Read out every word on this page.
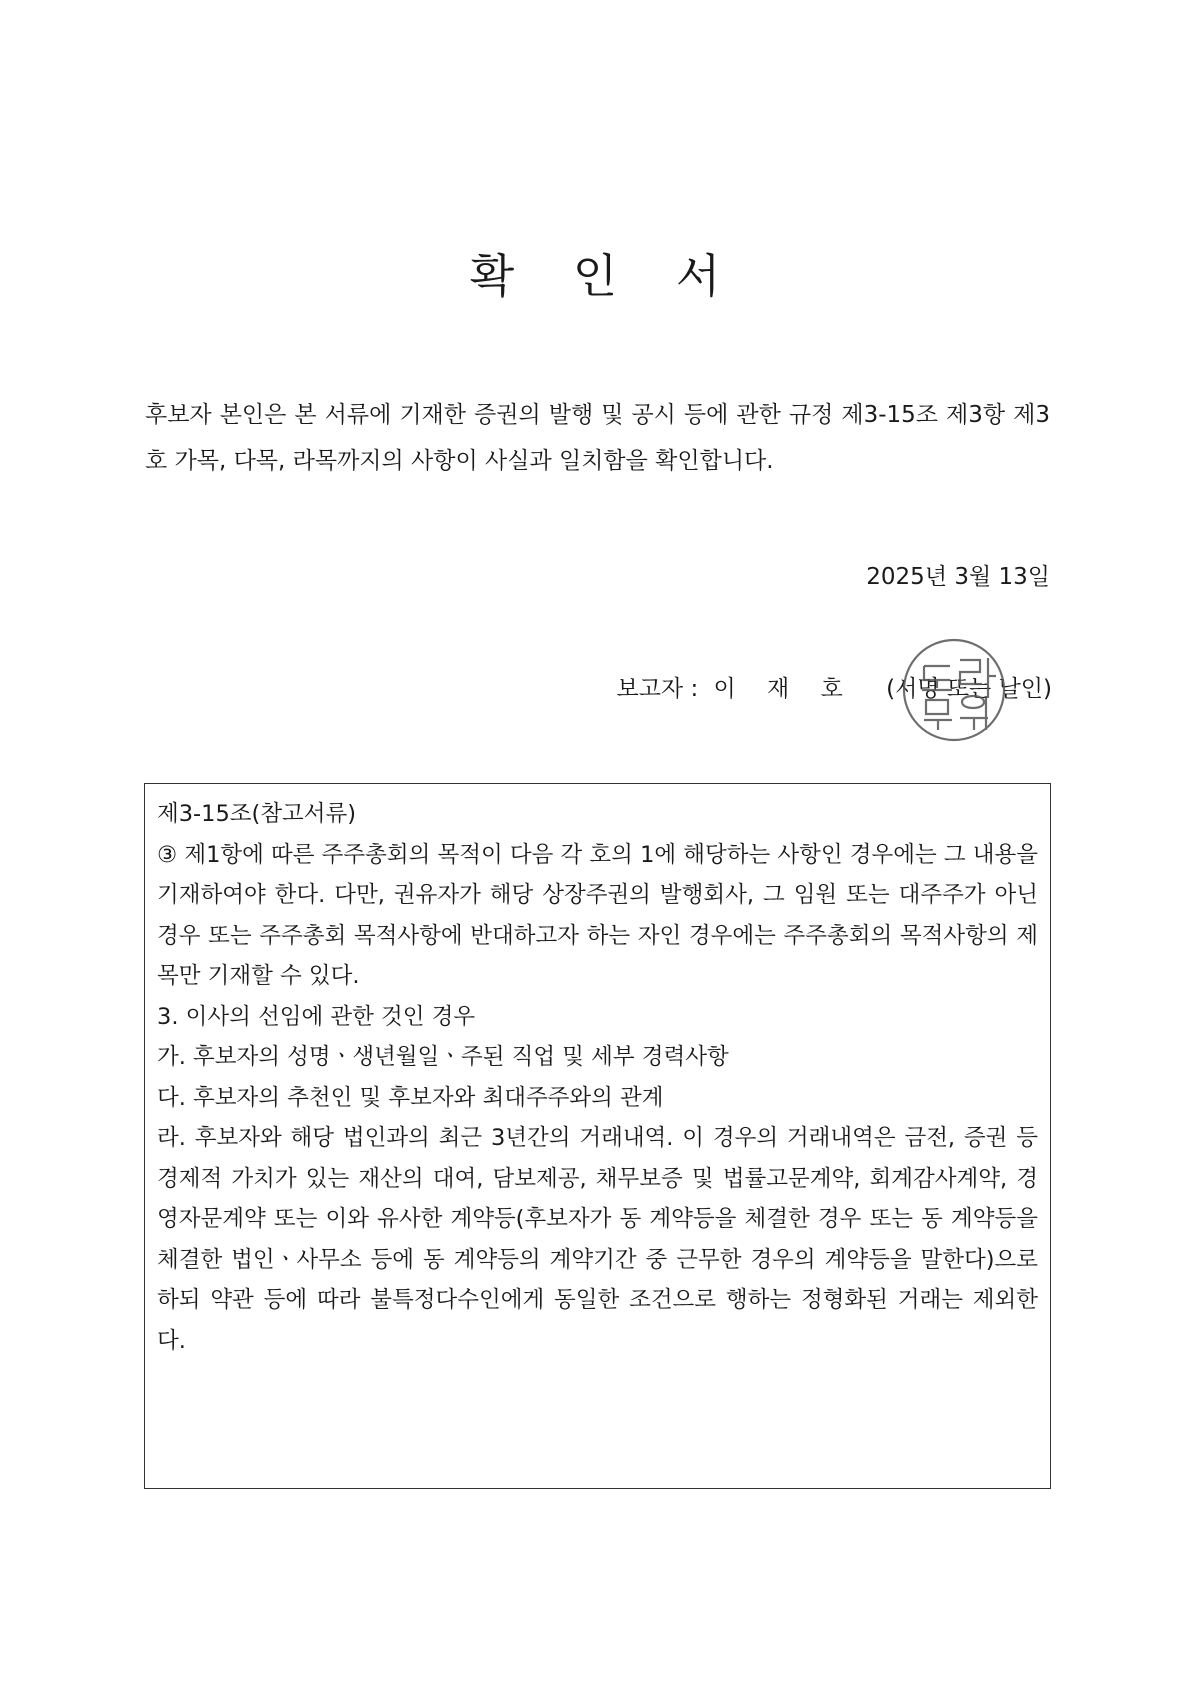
확 인 서
후보자 본인은 본 서류에 기재한 증권의 발행 및 공시 등에 관한 규정 제3-15조 제3항 제3호 가목, 다목, 라목까지의 사항이 사실과 일치함을 확인합니다.
2025년 3월 13일
보고자 : 이 재 호 (서명 또는 날인)

제3-15조(참고서류)

③ 제1항에 따른 주주총회의 목적이 다음 각 호의 1에 해당하는 사항인 경우에는 그 내용을 기재하여야 한다. 다만, 권유자가 해당 상장주권의 발행회사, 그 임원 또는 대주주가 아닌 경우 또는 주주총회 목적사항에 반대하고자 하는 자인 경우에는 주주총회의 목적사항의 제목만 기재할 수 있다.

3. 이사의 선임에 관한 것인 경우

가. 후보자의 성명ㆍ생년월일ㆍ주된 직업 및 세부 경력사항

다. 후보자의 추천인 및 후보자와 최대주주와의 관계

라. 후보자와 해당 법인과의 최근 3년간의 거래내역. 이 경우의 거래내역은 금전, 증권 등 경제적 가치가 있는 재산의 대여, 담보제공, 채무보증 및 법률고문계약, 회계감사계약, 경영자문계약 또는 이와 유사한 계약등(후보자가 동 계약등을 체결한 경우 또는 동 계약등을 체결한 법인ㆍ사무소 등에 동 계약등의 계약기간 중 근무한 경우의 계약등을 말한다)으로 하되 약관 등에 따라 불특정다수인에게 동일한 조건으로 행하는 정형화된 거래는 제외한다.
